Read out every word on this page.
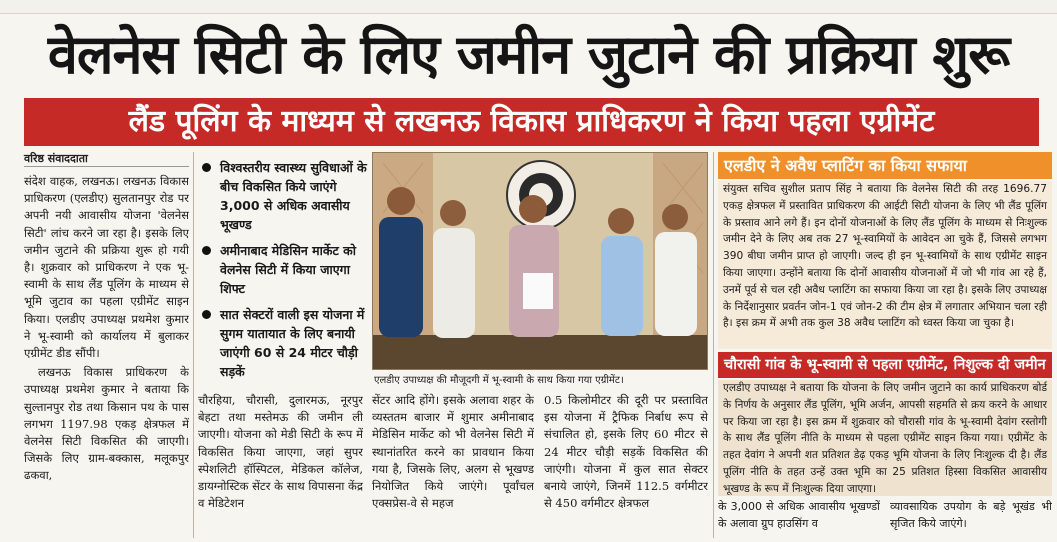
वेलनेस सिटी के लिए जमीन जुटाने की प्रक्रिया शुरू
लैंड पूलिंग के माध्यम से लखनऊ विकास प्राधिकरण ने किया पहला एग्रीमेंट
वरिष्ठ संवाददाता

संदेश वाहक, लखनऊ। लखनऊ विकास प्राधिकरण (एलडीए) सुलतानपुर रोड पर अपनी नयी आवासीय योजना 'वेलनेस सिटी' लांच करने जा रहा है। इसके लिए जमीन जुटाने की प्रक्रिया शुरू हो गयी है। शुक्रवार को प्राधिकरण ने एक भू-स्वामी के साथ लैंड पूलिंग के माध्यम से भूमि जुटाव का पहला एग्रीमेंट साइन किया। एलडीए उपाध्यक्ष प्रथमेश कुमार ने भू-स्वामी को कार्यालय में बुलाकर एग्रीमेंट डीड सौंपी।

लखनऊ विकास प्राधिकरण के उपाध्यक्ष प्रथमेश कुमार ने बताया कि सुल्तानपुर रोड तथा किसान पथ के पास लगभग 1197.98 एकड़ क्षेत्रफल में वेलनेस सिटी विकसित की जाएगी। जिसके लिए ग्राम-बक्कास, मलूकपुर ढकवा,

विश्वस्तरीय स्वास्थ्य सुविधाओं के बीच विकसित किये जाएंगे 3,000 से अधिक अवासीय भूखण्ड
अमीनाबाद मेडिसिन मार्केट को वेलनेस सिटी में किया जाएगा शिफ्ट
सात सेक्टरों वाली इस योजना में सुगम यातायात के लिए बनायी जाएंगी 60 से 24 मीटर चौड़ी सड़कें
एलडीए उपाध्यक्ष की मौजूदगी में भू-स्वामी के साथ किया गया एग्रीमेंट।

चौरहिया, चौरासी, दुलारमऊ, नूरपुर बेहटा तथा मस्तेमऊ की जमीन ली जाएगी। योजना को मेडी सिटी के रूप में विकसित किया जाएगा, जहां सुपर स्पेशलिटी हॉस्पिटल, मेडिकल कॉलेज, डायग्नोस्टिक सेंटर के साथ विपासना केंद्र व मेडिटेशन

सेंटर आदि होंगे। इसके अलावा शहर के व्यस्ततम बाजार में शुमार अमीनाबाद मेडिसिन मार्केट को भी वेलनेस सिटी में स्थानांतरित करने का प्रावधान किया गया है, जिसके लिए, अलग से भूखण्ड नियोजित किये जाएंगे। पूर्वांचल एक्सप्रेस-वे से महज

0.5 किलोमीटर की दूरी पर प्रस्तावित इस योजना में ट्रैफिक निर्बाध रूप से संचालित हो, इसके लिए 60 मीटर से 24 मीटर चौड़ी सड़कें विकसित की जाएंगी। योजना में कुल सात सेक्टर बनाये जाएंगे, जिनमें 112.5 वर्गमीटर से 450 वर्गमीटर क्षेत्रफल

एलडीए ने अवैध प्लाटिंग का किया सफाया

संयुक्त सचिव सुशील प्रताप सिंह ने बताया कि वेलनेस सिटी की तरह 1696.77 एकड़ क्षेत्रफल में प्रस्तावित प्राधिकरण की आईटी सिटी योजना के लिए भी लैंड पूलिंग के प्रस्ताव आने लगे हैं। इन दोनों योजनाओं के लिए लैंड पूलिंग के माध्यम से निःशुल्क जमीन देने के लिए अब तक 27 भू-स्वामियों के आवेदन आ चुके हैं, जिससे लगभग 390 बीघा जमीन प्राप्त हो जाएगी। जल्द ही इन भू-स्वामियों के साथ एग्रीमेंट साइन किया जाएगा। उन्होंने बताया कि दोनों आवासीय योजनाओं में जो भी गांव आ रहे हैं, उनमें पूर्व से चल रही अवैध प्लाटिंग का सफाया किया जा रहा है। इसके लिए उपाध्यक्ष के निर्देशानुसार प्रवर्तन जोन-1 एवं जोन-2 की टीम क्षेत्र में लगातार अभियान चला रही है। इस क्रम में अभी तक कुल 38 अवैध प्लाटिंग को ध्वस्त किया जा चुका है।

चौरासी गांव के भू-स्वामी से पहला एग्रीमेंट, निशुल्क दी जमीन

एलडीए उपाध्यक्ष ने बताया कि योजना के लिए जमीन जुटाने का कार्य प्राधिकरण बोर्ड के निर्णय के अनुसार लैंड पूलिंग, भूमि अर्जन, आपसी सहमति से क्रय करने के आधार पर किया जा रहा है। इस क्रम में शुक्रवार को चौरासी गांव के भू-स्वामी देवांग रस्तोगी के साथ लैंड पूलिंग नीति के माध्यम से पहला एग्रीमेंट साइन किया गया। एग्रीमेंट के तहत देवांग ने अपनी शत प्रतिशत डेढ़ एकड़ भूमि योजना के लिए निःशुल्क दी है। लैंड पूलिंग नीति के तहत उन्हें उक्त भूमि का 25 प्रतिशत हिस्सा विकसित आवासीय भूखण्ड के रूप में निःशुल्क दिया जाएगा।

के 3,000 से अधिक आवासीय भूखण्डों के अलावा ग्रुप हाउसिंग व
व्यावसायिक उपयोग के बड़े भूखंड भी सृजित किये जाएंगे।
